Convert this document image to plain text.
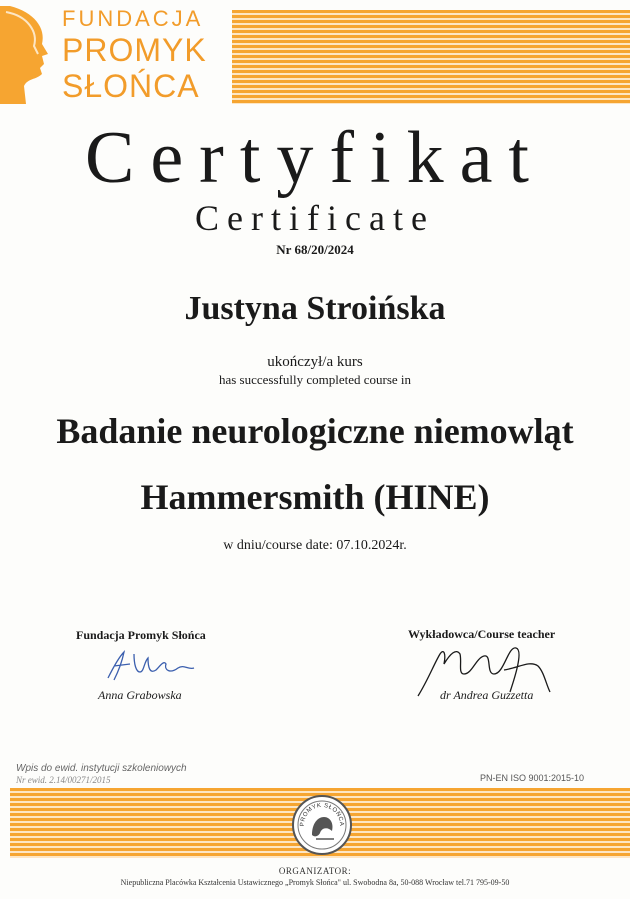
FUNDACJA
PROMYK
SŁOŃCA
Certyfikat
Certificate
Nr 68/20/2024
Justyna Stroińska
ukończył/a kurs
has successfully completed course in
Badanie neurologiczne niemowląt
Hammersmith (HINE)
w dniu/course date: 07.10.2024r.
Fundacja Promyk Słońca
Anna Grabowska
Wykładowca/Course teacher
dr Andrea Guzzetta
Wpis do ewid. instytucji szkoleniowych
Nr ewid. 2.14/00271/2015	PN-EN ISO 9001:2015-10
PROMYK SŁOŃCA
ORGANIZATOR:
Niepubliczna Placówka Kształcenia Ustawicznego „Promyk Słońca" ul. Swobodna 8a, 50-088 Wrocław tel.71 795-09-50
